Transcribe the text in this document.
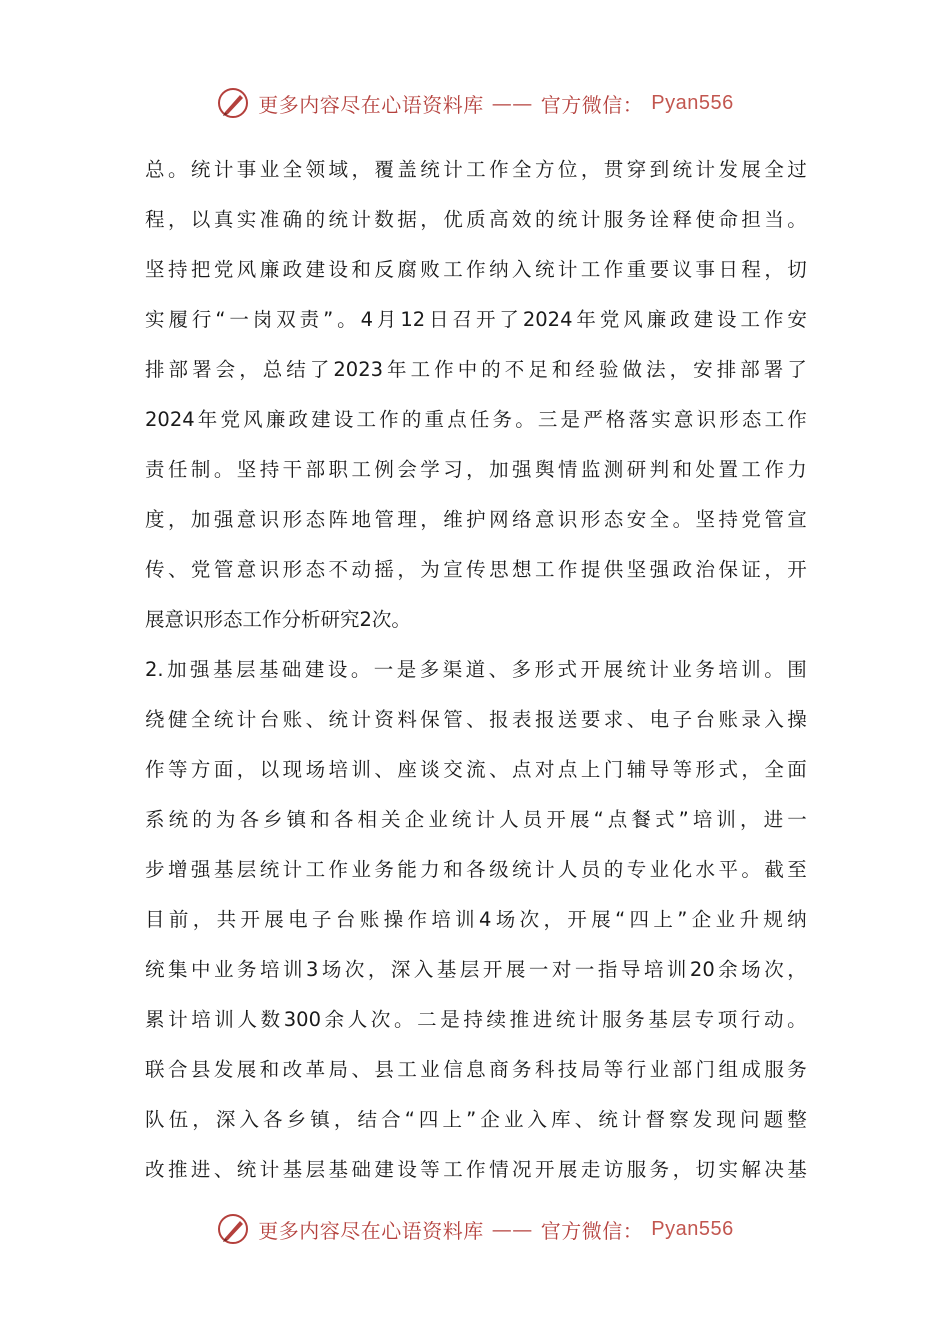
更多内容尽在心语资料库 —— 官方微信： Pyan556
总 。 统 计 事 业 全 领 域 ， 覆 盖 统 计 工 作 全 方 位 ， 贯 穿 到 统 计 发 展 全 过
程 ， 以 真 实 准 确 的 统 计 数 据 ， 优 质 高 效 的 统 计 服 务 诠 释 使 命 担 当 。
坚 持 把 党 风 廉 政 建 设 和 反 腐 败 工 作 纳 入 统 计 工 作 重 要 议 事 日 程 ， 切
实 履 行 “ 一 岗 双 责 ” 。 4 月 12 日 召 开 了 2024 年 党 风 廉 政 建 设 工 作 安
排 部 署 会 ， 总 结 了 2023 年 工 作 中 的 不 足 和 经 验 做 法 ， 安 排 部 署 了
2024 年 党 风 廉 政 建 设 工 作 的 重 点 任 务 。 三 是 严 格 落 实 意 识 形 态 工 作
责 任 制 。 坚 持 干 部 职 工 例 会 学 习 ， 加 强 舆 情 监 测 研 判 和 处 置 工 作 力
度 ， 加 强 意 识 形 态 阵 地 管 理 ， 维 护 网 络 意 识 形 态 安 全 。 坚 持 党 管 宣
传 、 党 管 意 识 形 态 不 动 摇 ， 为 宣 传 思 想 工 作 提 供 坚 强 政 治 保 证 ， 开
展意识形态工作分析研究2次。
2. 加 强 基 层 基 础 建 设 。 一 是 多 渠 道 、 多 形 式 开 展 统 计 业 务 培 训 。 围
绕 健 全 统 计 台 账 、 统 计 资 料 保 管 、 报 表 报 送 要 求 、 电 子 台 账 录 入 操
作 等 方 面 ， 以 现 场 培 训 、 座 谈 交 流 、 点 对 点 上 门 辅 导 等 形 式 ， 全 面
系 统 的 为 各 乡 镇 和 各 相 关 企 业 统 计 人 员 开 展 “ 点 餐 式 ” 培 训 ， 进 一
步 增 强 基 层 统 计 工 作 业 务 能 力 和 各 级 统 计 人 员 的 专 业 化 水 平 。 截 至
目 前 ， 共 开 展 电 子 台 账 操 作 培 训 4 场 次 ， 开 展 “ 四 上 ” 企 业 升 规 纳
统 集 中 业 务 培 训 3 场 次 ， 深 入 基 层 开 展 一 对 一 指 导 培 训 20 余 场 次 ，
累 计 培 训 人 数 300 余 人 次 。 二 是 持 续 推 进 统 计 服 务 基 层 专 项 行 动 。
联 合 县 发 展 和 改 革 局 、 县 工 业 信 息 商 务 科 技 局 等 行 业 部 门 组 成 服 务
队 伍 ， 深 入 各 乡 镇 ， 结 合 “ 四 上 ” 企 业 入 库 、 统 计 督 察 发 现 问 题 整
改 推 进 、 统 计 基 层 基 础 建 设 等 工 作 情 况 开 展 走 访 服 务 ， 切 实 解 决 基
更多内容尽在心语资料库 —— 官方微信： Pyan556
